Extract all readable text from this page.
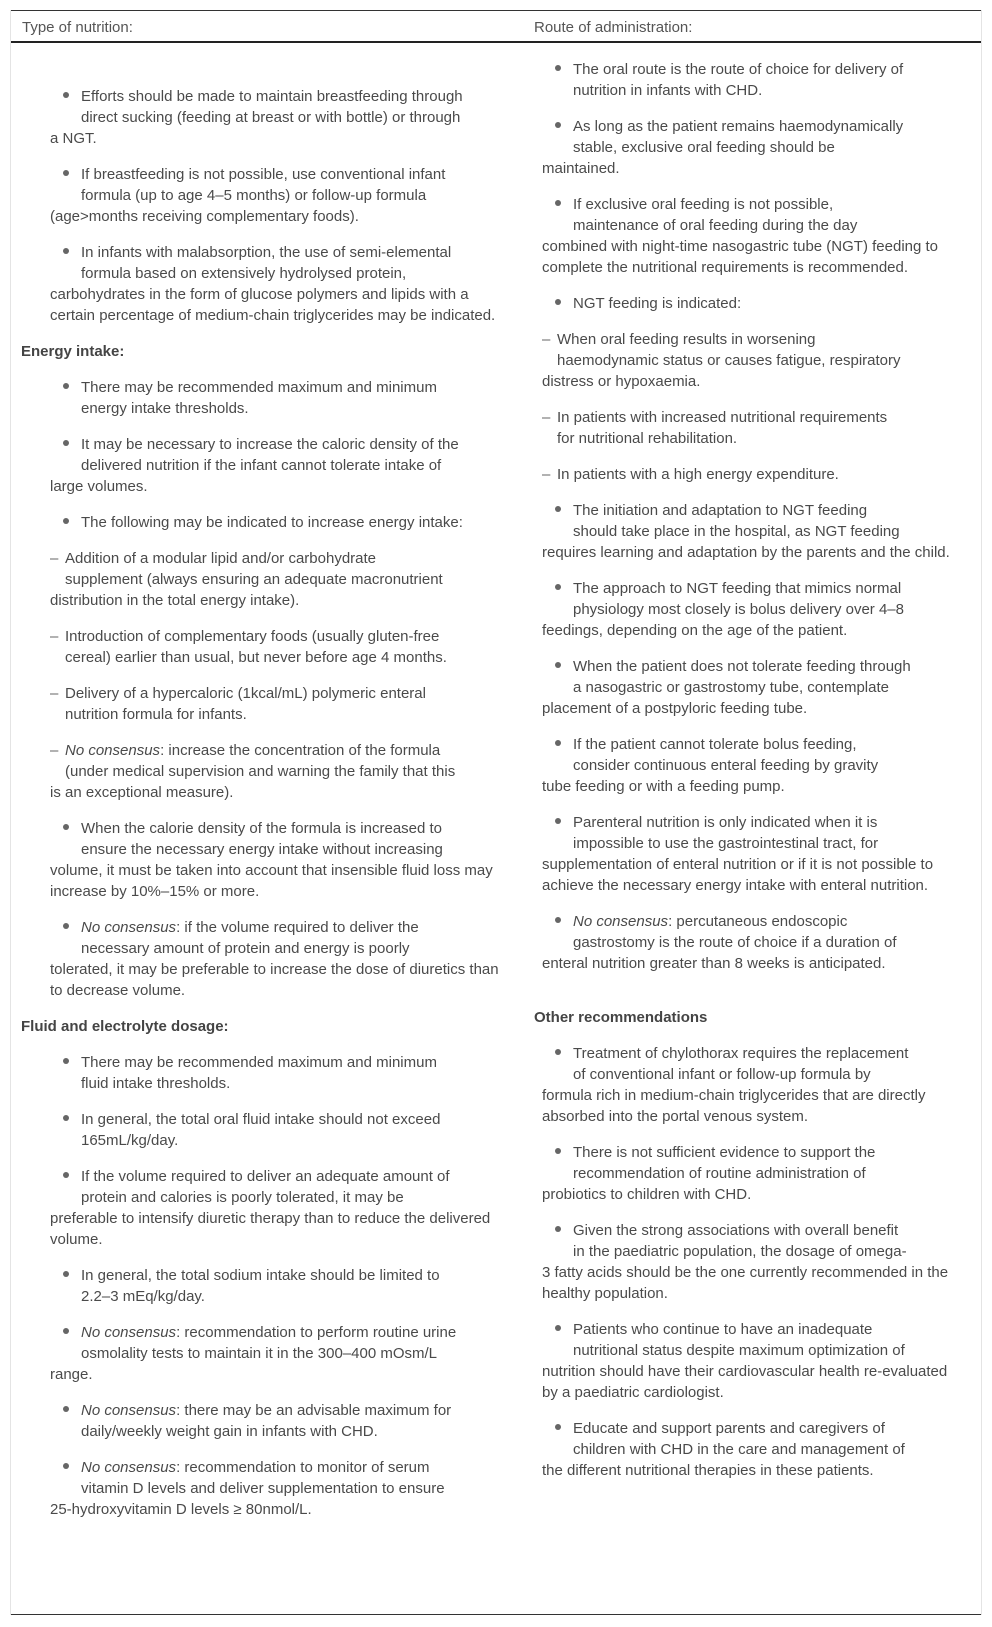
Type of nutrition:	Route of administration:
Efforts should be made to maintain breastfeeding through
direct sucking (feeding at breast or with bottle) or through
a NGT.
If breastfeeding is not possible, use conventional infant
formula (up to age 4–5 months) or follow-up formula
(age>months receiving complementary foods).
In infants with malabsorption, the use of semi-elemental
formula based on extensively hydrolysed protein,
carbohydrates in the form of glucose polymers and lipids with a certain percentage of medium-chain triglycerides may be indicated.
Energy intake:
There may be recommended maximum and minimum
energy intake thresholds.
It may be necessary to increase the caloric density of the
delivered nutrition if the infant cannot tolerate intake of
large volumes.
The following may be indicated to increase energy intake:
–Addition of a modular lipid and/or carbohydrate
supplement (always ensuring an adequate macronutrient
distribution in the total energy intake).
–Introduction of complementary foods (usually gluten-free
cereal) earlier than usual, but never before age 4 months.
–Delivery of a hypercaloric (1kcal/mL) polymeric enteral
nutrition formula for infants.
–No consensus: increase the concentration of the formula
(under medical supervision and warning the family that this
is an exceptional measure).
When the calorie density of the formula is increased to
ensure the necessary energy intake without increasing
volume, it must be taken into account that insensible fluid loss may increase by 10%–15% or more.
No consensus: if the volume required to deliver the
necessary amount of protein and energy is poorly
tolerated, it may be preferable to increase the dose of diuretics than to decrease volume.
Fluid and electrolyte dosage:
There may be recommended maximum and minimum
fluid intake thresholds.
In general, the total oral fluid intake should not exceed
165mL/kg/day.
If the volume required to deliver an adequate amount of
protein and calories is poorly tolerated, it may be
preferable to intensify diuretic therapy than to reduce the delivered volume.
In general, the total sodium intake should be limited to
2.2–3 mEq/kg/day.
No consensus: recommendation to perform routine urine
osmolality tests to maintain it in the 300–400 mOsm/L
range.
No consensus: there may be an advisable maximum for
daily/weekly weight gain in infants with CHD.
No consensus: recommendation to monitor of serum
vitamin D levels and deliver supplementation to ensure
25-hydroxyvitamin D levels ≥ 80nmol/L.
The oral route is the route of choice for delivery of
nutrition in infants with CHD.
As long as the patient remains haemodynamically
stable, exclusive oral feeding should be
maintained.
If exclusive oral feeding is not possible,
maintenance of oral feeding during the day
combined with night-time nasogastric tube (NGT) feeding to complete the nutritional requirements is recommended.
NGT feeding is indicated:
–When oral feeding results in worsening
haemodynamic status or causes fatigue, respiratory
distress or hypoxaemia.
–In patients with increased nutritional requirements
for nutritional rehabilitation.
–In patients with a high energy expenditure.
The initiation and adaptation to NGT feeding
should take place in the hospital, as NGT feeding
requires learning and adaptation by the parents and the child.
The approach to NGT feeding that mimics normal
physiology most closely is bolus delivery over 4–8
feedings, depending on the age of the patient.
When the patient does not tolerate feeding through
a nasogastric or gastrostomy tube, contemplate
placement of a postpyloric feeding tube.
If the patient cannot tolerate bolus feeding,
consider continuous enteral feeding by gravity
tube feeding or with a feeding pump.
Parenteral nutrition is only indicated when it is
impossible to use the gastrointestinal tract, for
supplementation of enteral nutrition or if it is not possible to achieve the necessary energy intake with enteral nutrition.
No consensus: percutaneous endoscopic
gastrostomy is the route of choice if a duration of
enteral nutrition greater than 8 weeks is anticipated.
Other recommendations
Treatment of chylothorax requires the replacement
of conventional infant or follow-up formula by
formula rich in medium-chain triglycerides that are directly absorbed into the portal venous system.
There is not sufficient evidence to support the
recommendation of routine administration of
probiotics to children with CHD.
Given the strong associations with overall benefit
in the paediatric population, the dosage of omega-
3 fatty acids should be the one currently recommended in the healthy population.
Patients who continue to have an inadequate
nutritional status despite maximum optimization of
nutrition should have their cardiovascular health re-evaluated by a paediatric cardiologist.
Educate and support parents and caregivers of
children with CHD in the care and management of
the different nutritional therapies in these patients.
